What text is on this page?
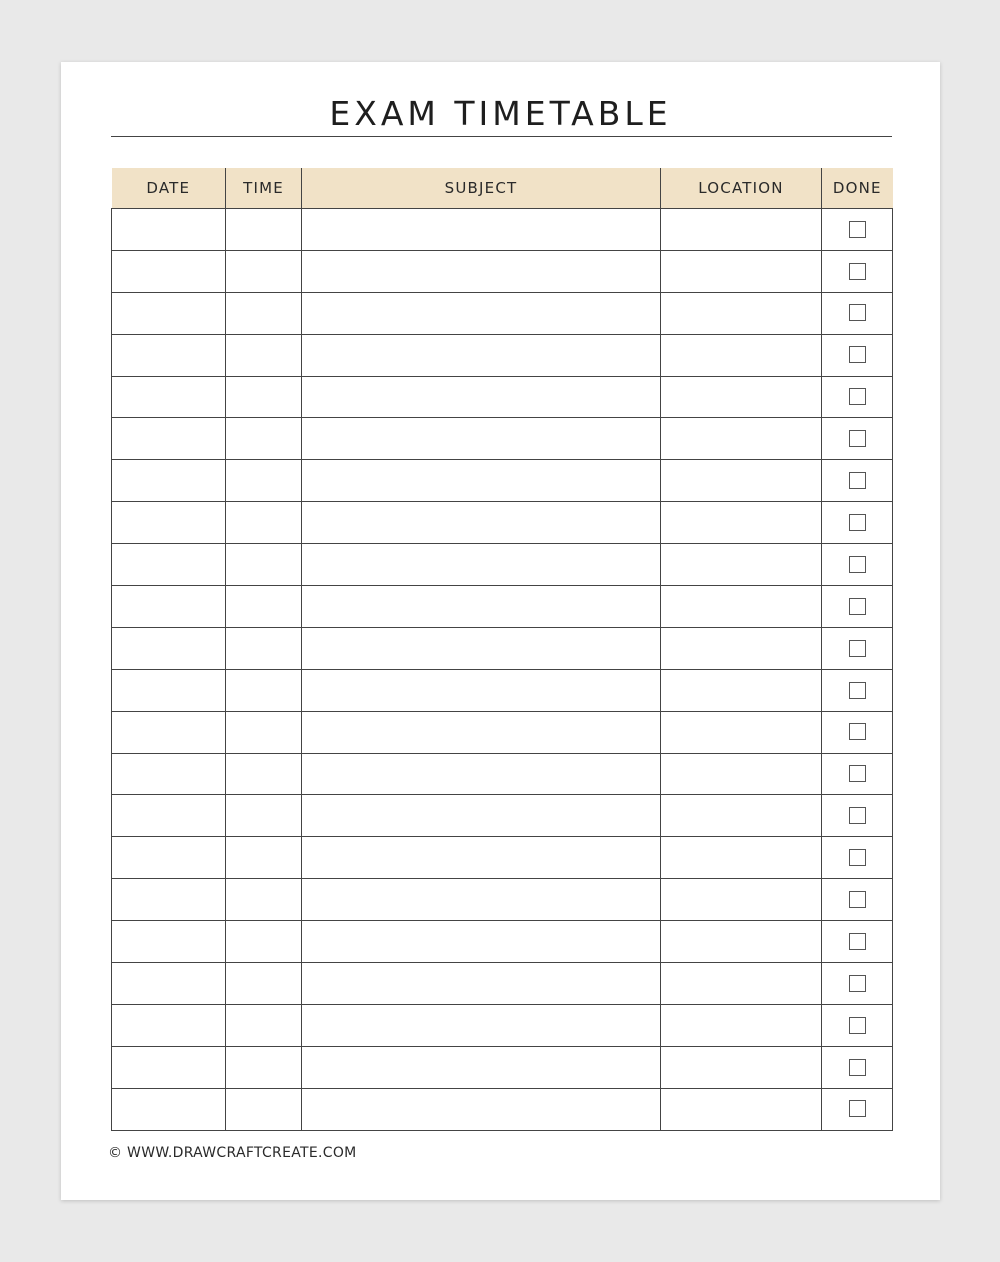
EXAM TIMETABLE
DATE	TIME	SUBJECT	LOCATION	DONE

© WWW.DRAWCRAFTCREATE.COM
